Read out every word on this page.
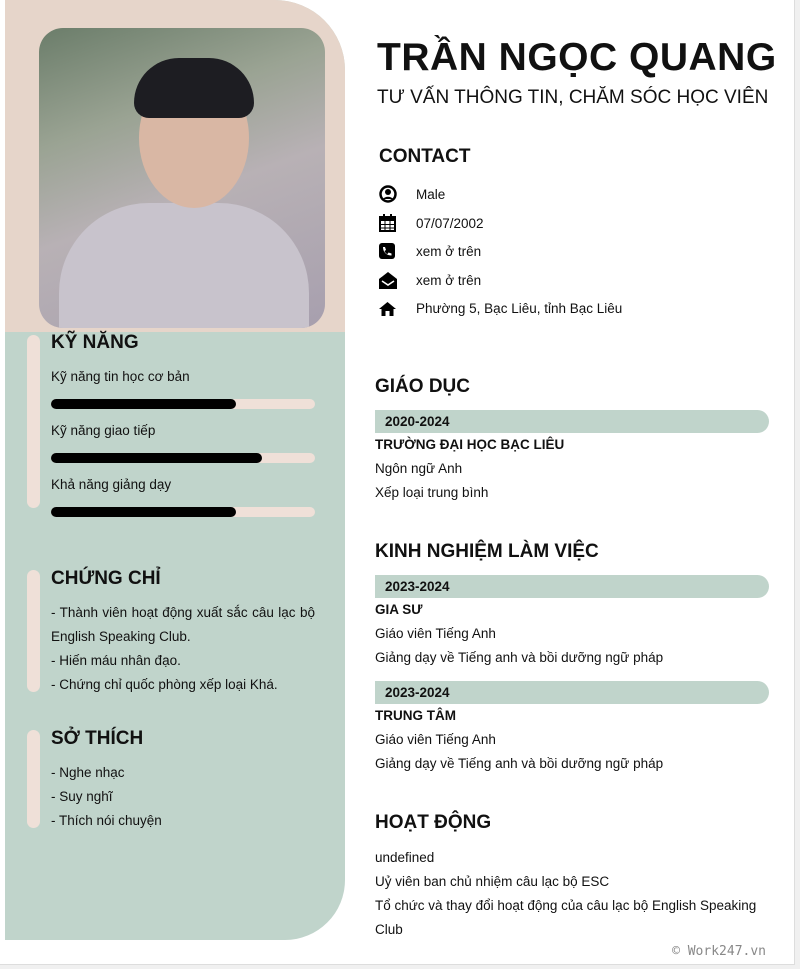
KỸ NĂNG
Kỹ năng tin học cơ bản
Kỹ năng giao tiếp
Khả năng giảng dạy
CHỨNG CHỈ
- Thành viên hoạt động xuất sắc câu lạc bộ English Speaking Club.
- Hiến máu nhân đạo.
- Chứng chỉ quốc phòng xếp loại Khá.
SỞ THÍCH
- Nghe nhạc
- Suy nghĩ
- Thích nói chuyện
TRẦN NGỌC QUANG
TƯ VẤN THÔNG TIN, CHĂM SÓC HỌC VIÊN
CONTACT
Male
07/07/2002
xem ở trên
xem ở trên
Phường 5, Bạc Liêu, tỉnh Bạc Liêu
GIÁO DỤC
2020-2024
TRƯỜNG ĐẠI HỌC BẠC LIÊU
Ngôn ngữ Anh
Xếp loại trung bình
KINH NGHIỆM LÀM VIỆC
2023-2024
GIA SƯ
Giáo viên Tiếng Anh
Giảng dạy về Tiếng anh và bồi dưỡng ngữ pháp
2023-2024
TRUNG TÂM
Giáo viên Tiếng Anh
Giảng dạy về Tiếng anh và bồi dưỡng ngữ pháp
HOẠT ĐỘNG
undefined
Uỷ viên ban chủ nhiệm câu lạc bộ ESC
Tổ chức và thay đổi hoạt động của câu lạc bộ English Speaking Club
© Work247.vn
